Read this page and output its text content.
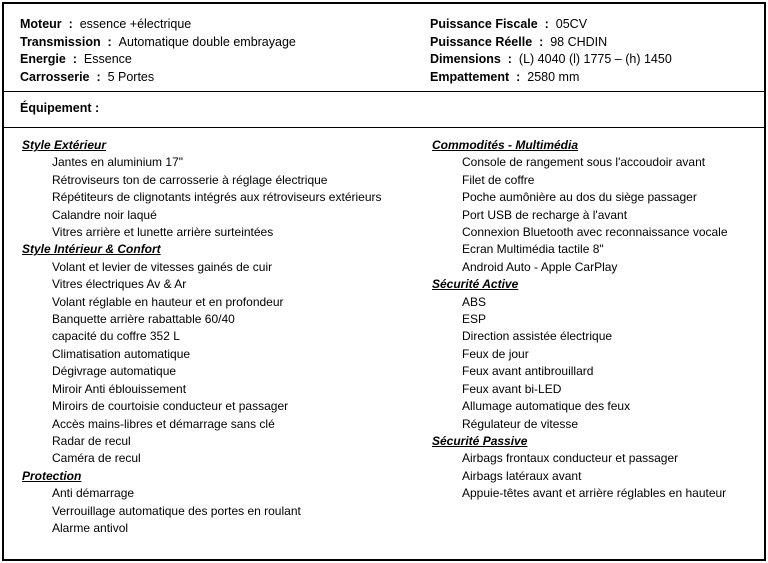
Moteur  :  essence +électrique
Transmission  :  Automatique double embrayage
Energie  :  Essence
Carrosserie  :  5 Portes
Puissance Fiscale  :  05CV
Puissance Réelle  :  98 CHDIN
Dimensions  :  (L) 4040 (l) 1775 – (h) 1450
Empattement  :  2580 mm
Équipement :
Style Extérieur
Jantes en aluminium 17"
Rétroviseurs ton de carrosserie à réglage électrique
Répétiteurs de clignotants intégrés aux rétroviseurs extérieurs
Calandre noir laqué
Vitres arrière et lunette arrière surteintées
Style Intérieur & Confort
Volant et levier de vitesses gainés de cuir
Vitres électriques Av & Ar
Volant réglable en hauteur et en profondeur
Banquette arrière rabattable 60/40
capacité du coffre 352 L
Climatisation automatique
Dégivrage automatique
Miroir Anti éblouissement
Miroirs de courtoisie conducteur et passager
Accès mains-libres et démarrage sans clé
Radar de recul
Caméra de recul
Protection
Anti démarrage
Verrouillage automatique des portes en roulant
Alarme antivol
Commodités - Multimédia
Console de rangement sous l'accoudoir avant
Filet de coffre
Poche aumônière au dos du siège passager
Port USB de recharge à l'avant
Connexion Bluetooth avec reconnaissance vocale
Ecran Multimédia tactile 8"
Android Auto - Apple CarPlay
Sécurité Active
ABS
ESP
Direction assistée électrique
Feux de jour
Feux avant antibrouillard
Feux avant bi-LED
Allumage automatique des feux
Régulateur de vitesse
Sécurité Passive
Airbags frontaux conducteur et passager
Airbags latéraux avant
Appuie-têtes avant et arrière réglables en hauteur
